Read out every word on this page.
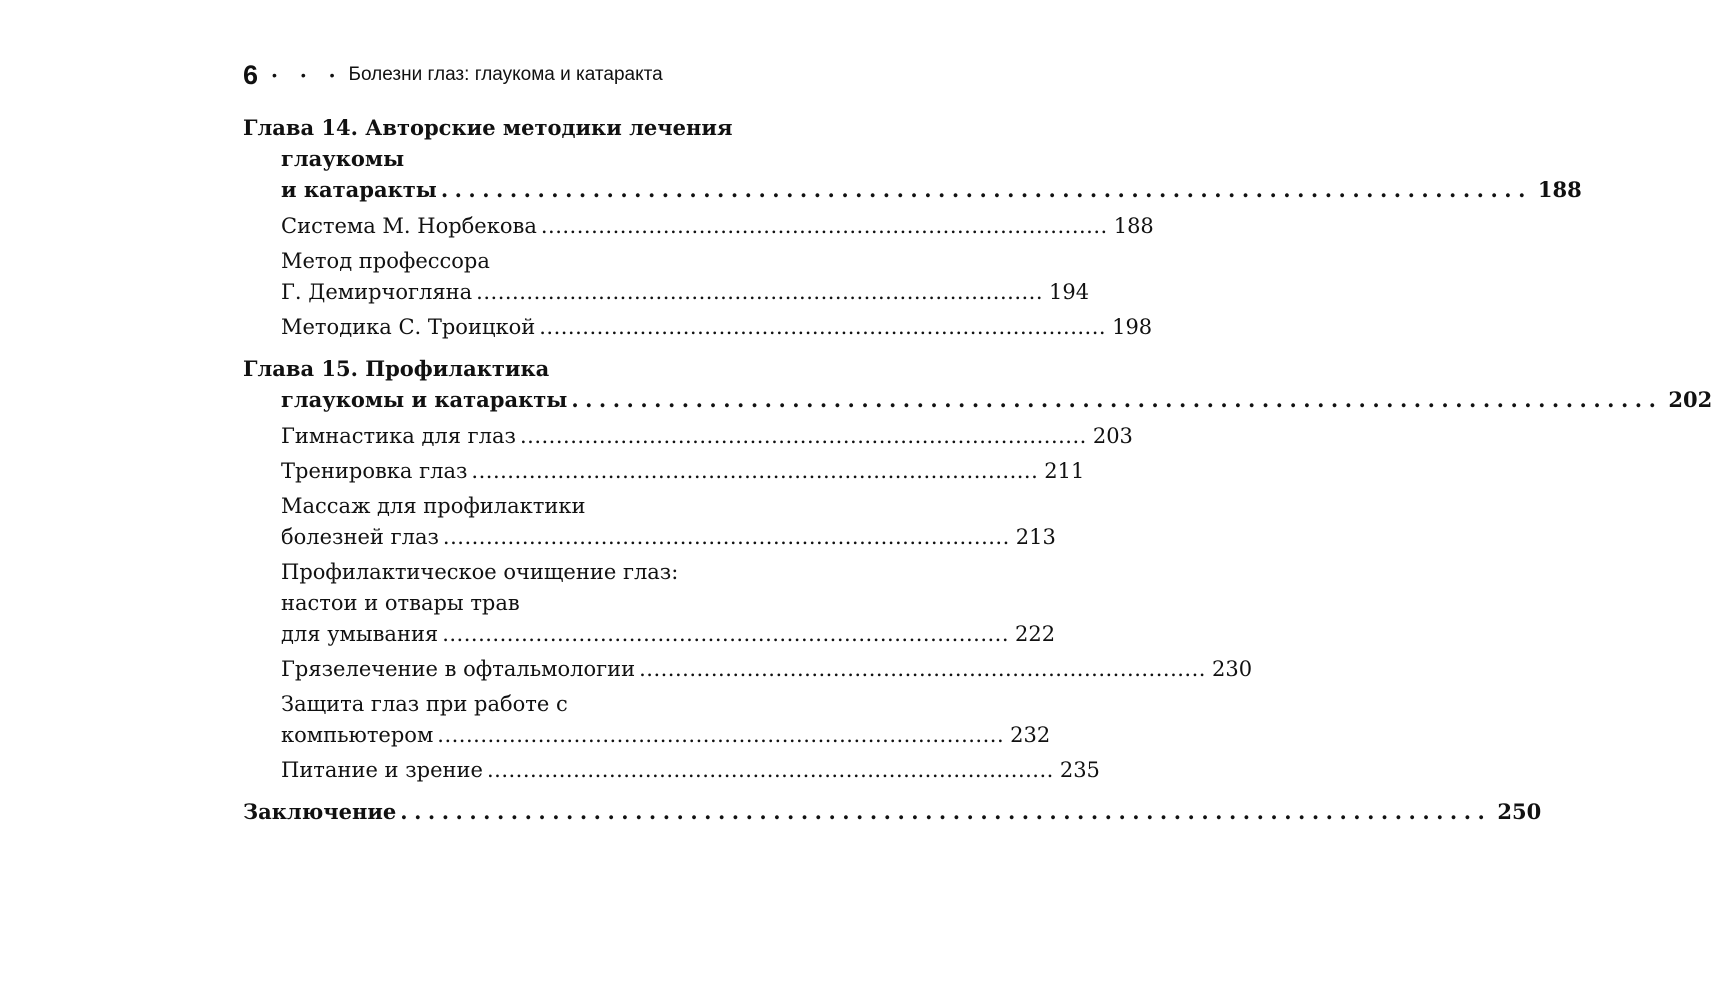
6 • • • Болезни глаз: глаукома и катаракта
Глава 14. Авторские методики лечения
глаукомы
и катаракты ............................................................................... 188
Система М. Норбекова ............................................................................... 188
Метод профессора
Г. Демирчогляна ............................................................................... 194
Методика С. Троицкой ............................................................................... 198
Глава 15. Профилактика
глаукомы и катаракты ............................................................................... 202
Гимнастика для глаз ............................................................................... 203
Тренировка глаз ............................................................................... 211
Массаж для профилактики
болезней глаз ............................................................................... 213
Профилактическое очищение глаз:
настои и отвары трав
для умывания ............................................................................... 222
Грязелечение в офтальмологии ............................................................................... 230
Защита глаз при работе с
компьютером ............................................................................... 232
Питание и зрение ............................................................................... 235
Заключение ............................................................................... 250
